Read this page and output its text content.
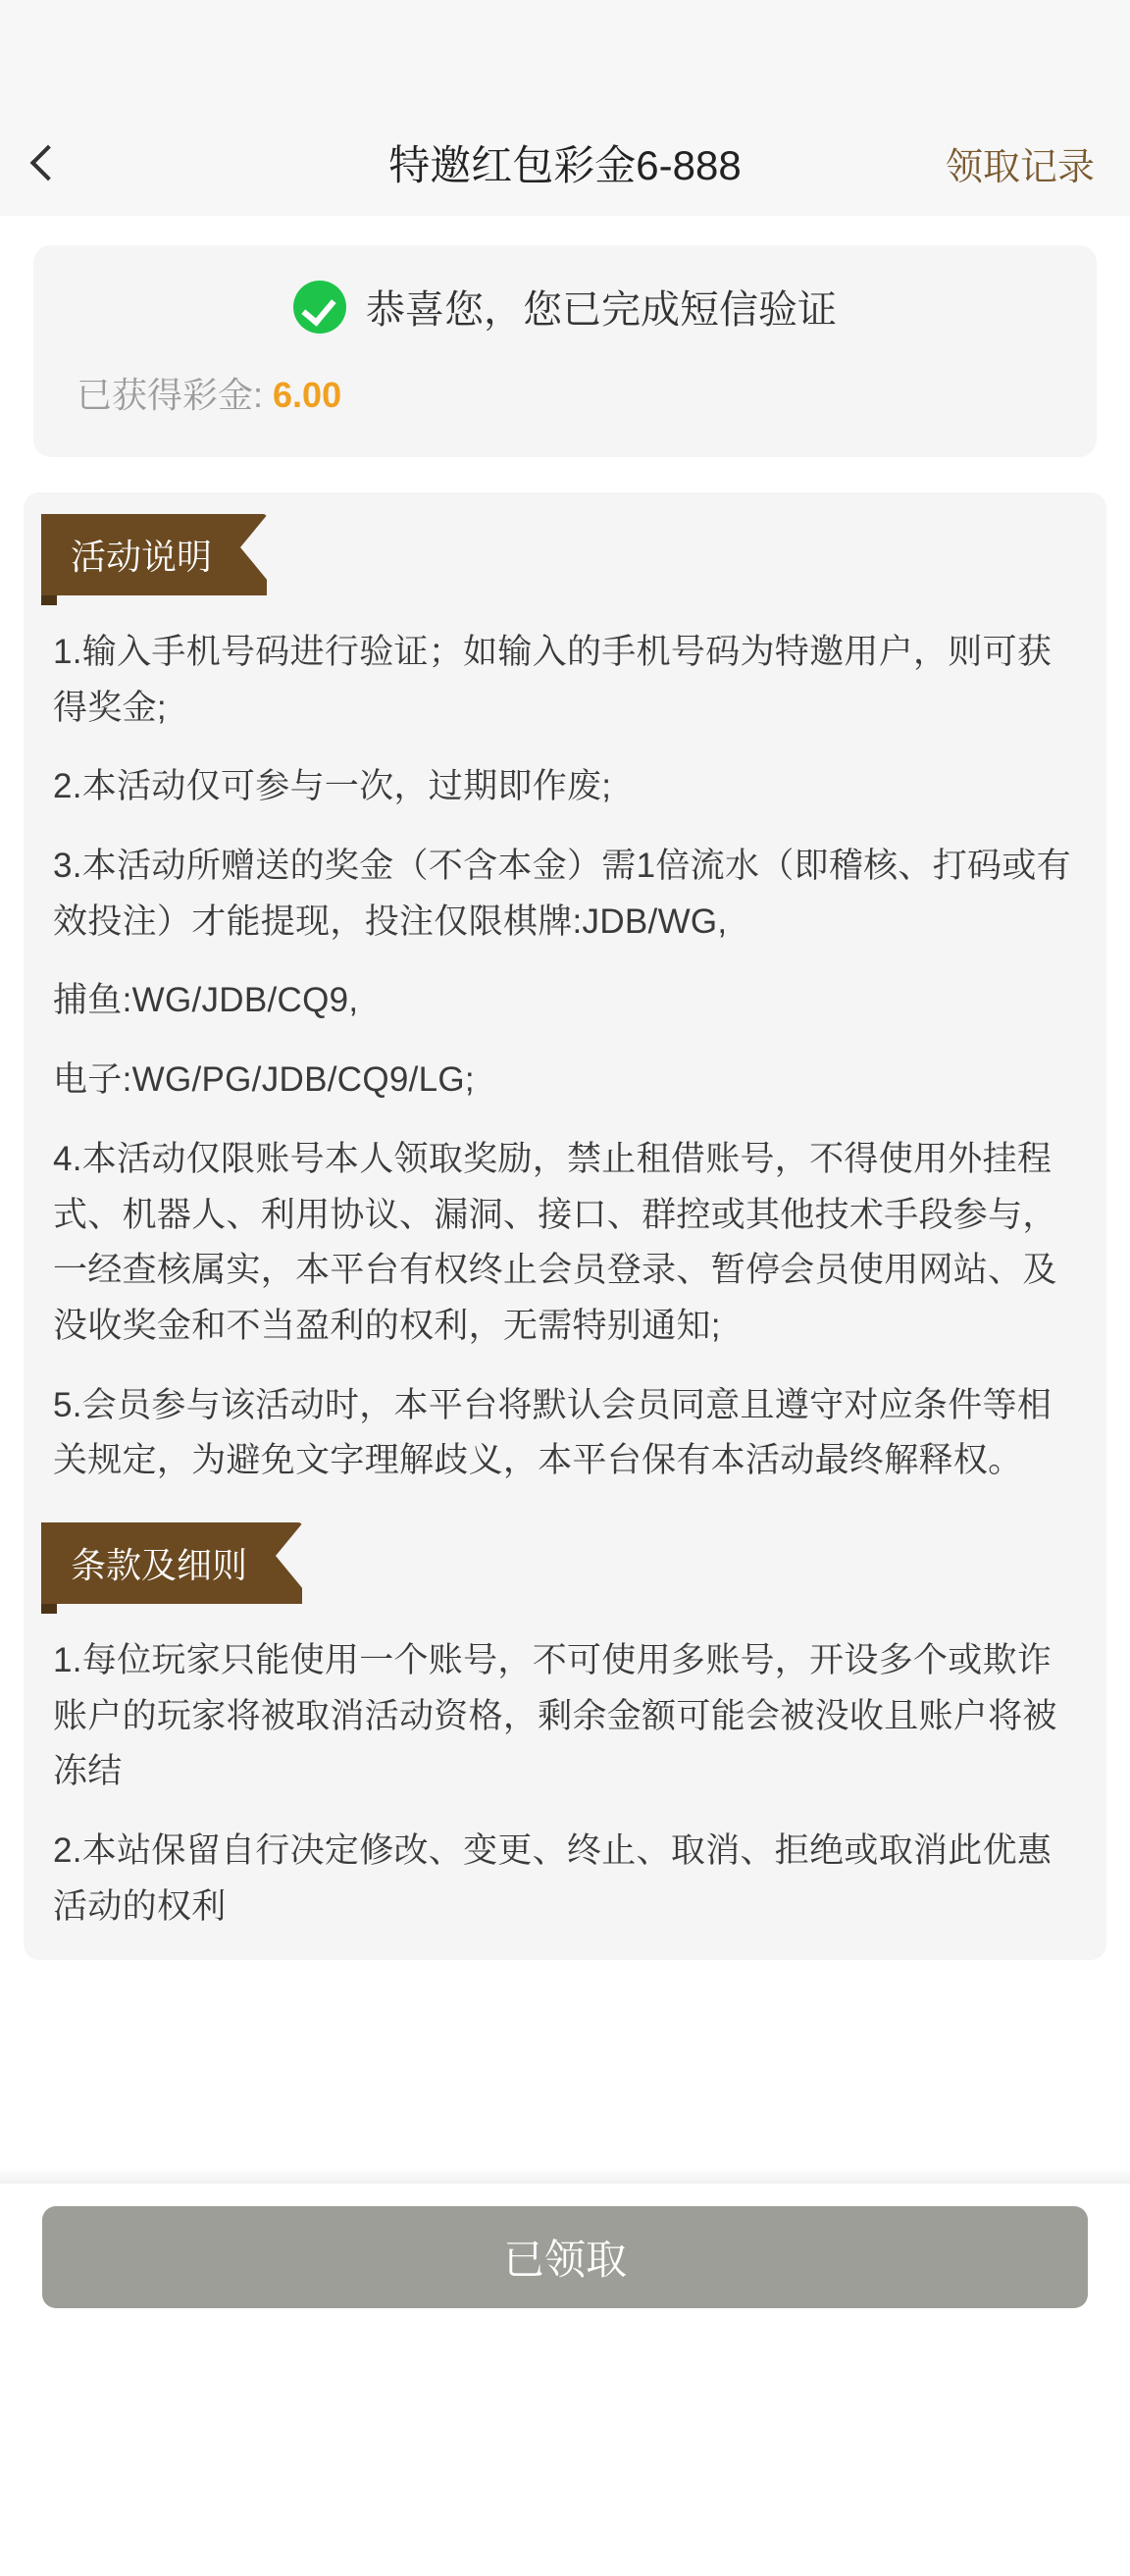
特邀红包彩金6-888	领取记录
恭喜您，您已完成短信验证
已获得彩金: 6.00
活动说明

1.输入手机号码进行验证；如输入的手机号码为特邀用户，则可获得奖金;

2.本活动仅可参与一次，过期即作废;

3.本活动所赠送的奖金（不含本金）需1倍流水（即稽核、打码或有效投注）才能提现，投注仅限棋牌:JDB/WG,

捕鱼:WG/JDB/CQ9,

电子:WG/PG/JDB/CQ9/LG;

4.本活动仅限账号本人领取奖励，禁止租借账号，不得使用外挂程式、机器人、利用协议、漏洞、接口、群控或其他技术手段参与，一经查核属实，本平台有权终止会员登录、暂停会员使用网站、及没收奖金和不当盈利的权利，无需特别通知;

5.会员参与该活动时，本平台将默认会员同意且遵守对应条件等相关规定，为避免文字理解歧义，本平台保有本活动最终解释权。

条款及细则

1.每位玩家只能使用一个账号，不可使用多账号，开设多个或欺诈账户的玩家将被取消活动资格，剩余金额可能会被没收且账户将被冻结

2.本站保留自行决定修改、变更、终止、取消、拒绝或取消此优惠活动的权利

已领取
